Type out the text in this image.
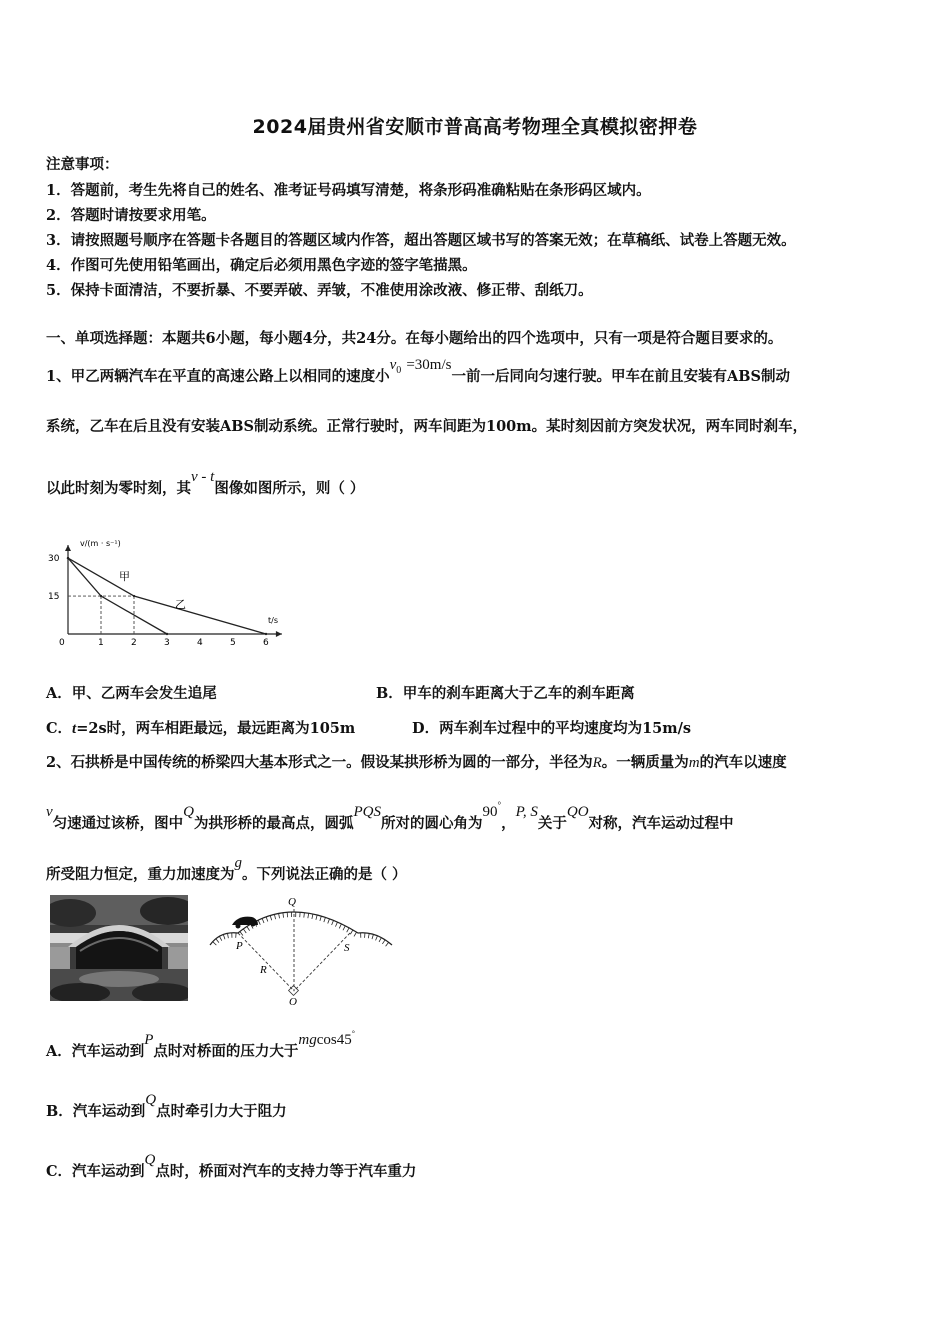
2024届贵州省安顺市普高高考物理全真模拟密押卷
注意事项：
1．答题前，考生先将自己的姓名、准考证号码填写清楚，将条形码准确粘贴在条形码区域内。
2．答题时请按要求用笔。
3．请按照题号顺序在答题卡各题目的答题区域内作答，超出答题区域书写的答案无效；在草稿纸、试卷上答题无效。
4．作图可先使用铅笔画出，确定后必须用黑色字迹的签字笔描黑。
5．保持卡面清洁，不要折暴、不要弄破、弄皱，不准使用涂改液、修正带、刮纸刀。
一、单项选择题：本题共6小题，每小题4分，共24分。在每小题给出的四个选项中，只有一项是符合题目要求的。
1、甲乙两辆汽车在平直的高速公路上以相同的速度小$v_0 =30m/s$一前一后同向匀速行驶。甲车在前且安装有ABS制动
系统，乙车在后且没有安装ABS制动系统。正常行驶时，两车间距为100m。某时刻因前方突发状况，两车同时刹车，
以此时刻为零时刻，其v - t图像如图所示，则（ ）
0	1	2	3	4	5	6
30
15
v/(m · s⁻¹)
t/s
甲
乙
A．甲、乙两车会发生追尾	B．甲车的刹车距离大于乙车的刹车距离
C．t=2s时，两车相距最远，最远距离为105m	D．两车刹车过程中的平均速度均为15m/s
2、石拱桥是中国传统的桥梁四大基本形式之一。假设某拱形桥为圆的一部分，半径为R。一辆质量为m的汽车以速度
v匀速通过该桥，图中Q为拱形桥的最高点，圆弧PQS所对的圆心角为90°，P, S关于QO对称，汽车运动过程中
所受阻力恒定，重力加速度为g。下列说法正确的是（ ）
Q
P	S
R
O
A．汽车运动到P点时对桥面的压力大于mgcos45°
B．汽车运动到Q点时牵引力大于阻力
C．汽车运动到Q点时，桥面对汽车的支持力等于汽车重力
